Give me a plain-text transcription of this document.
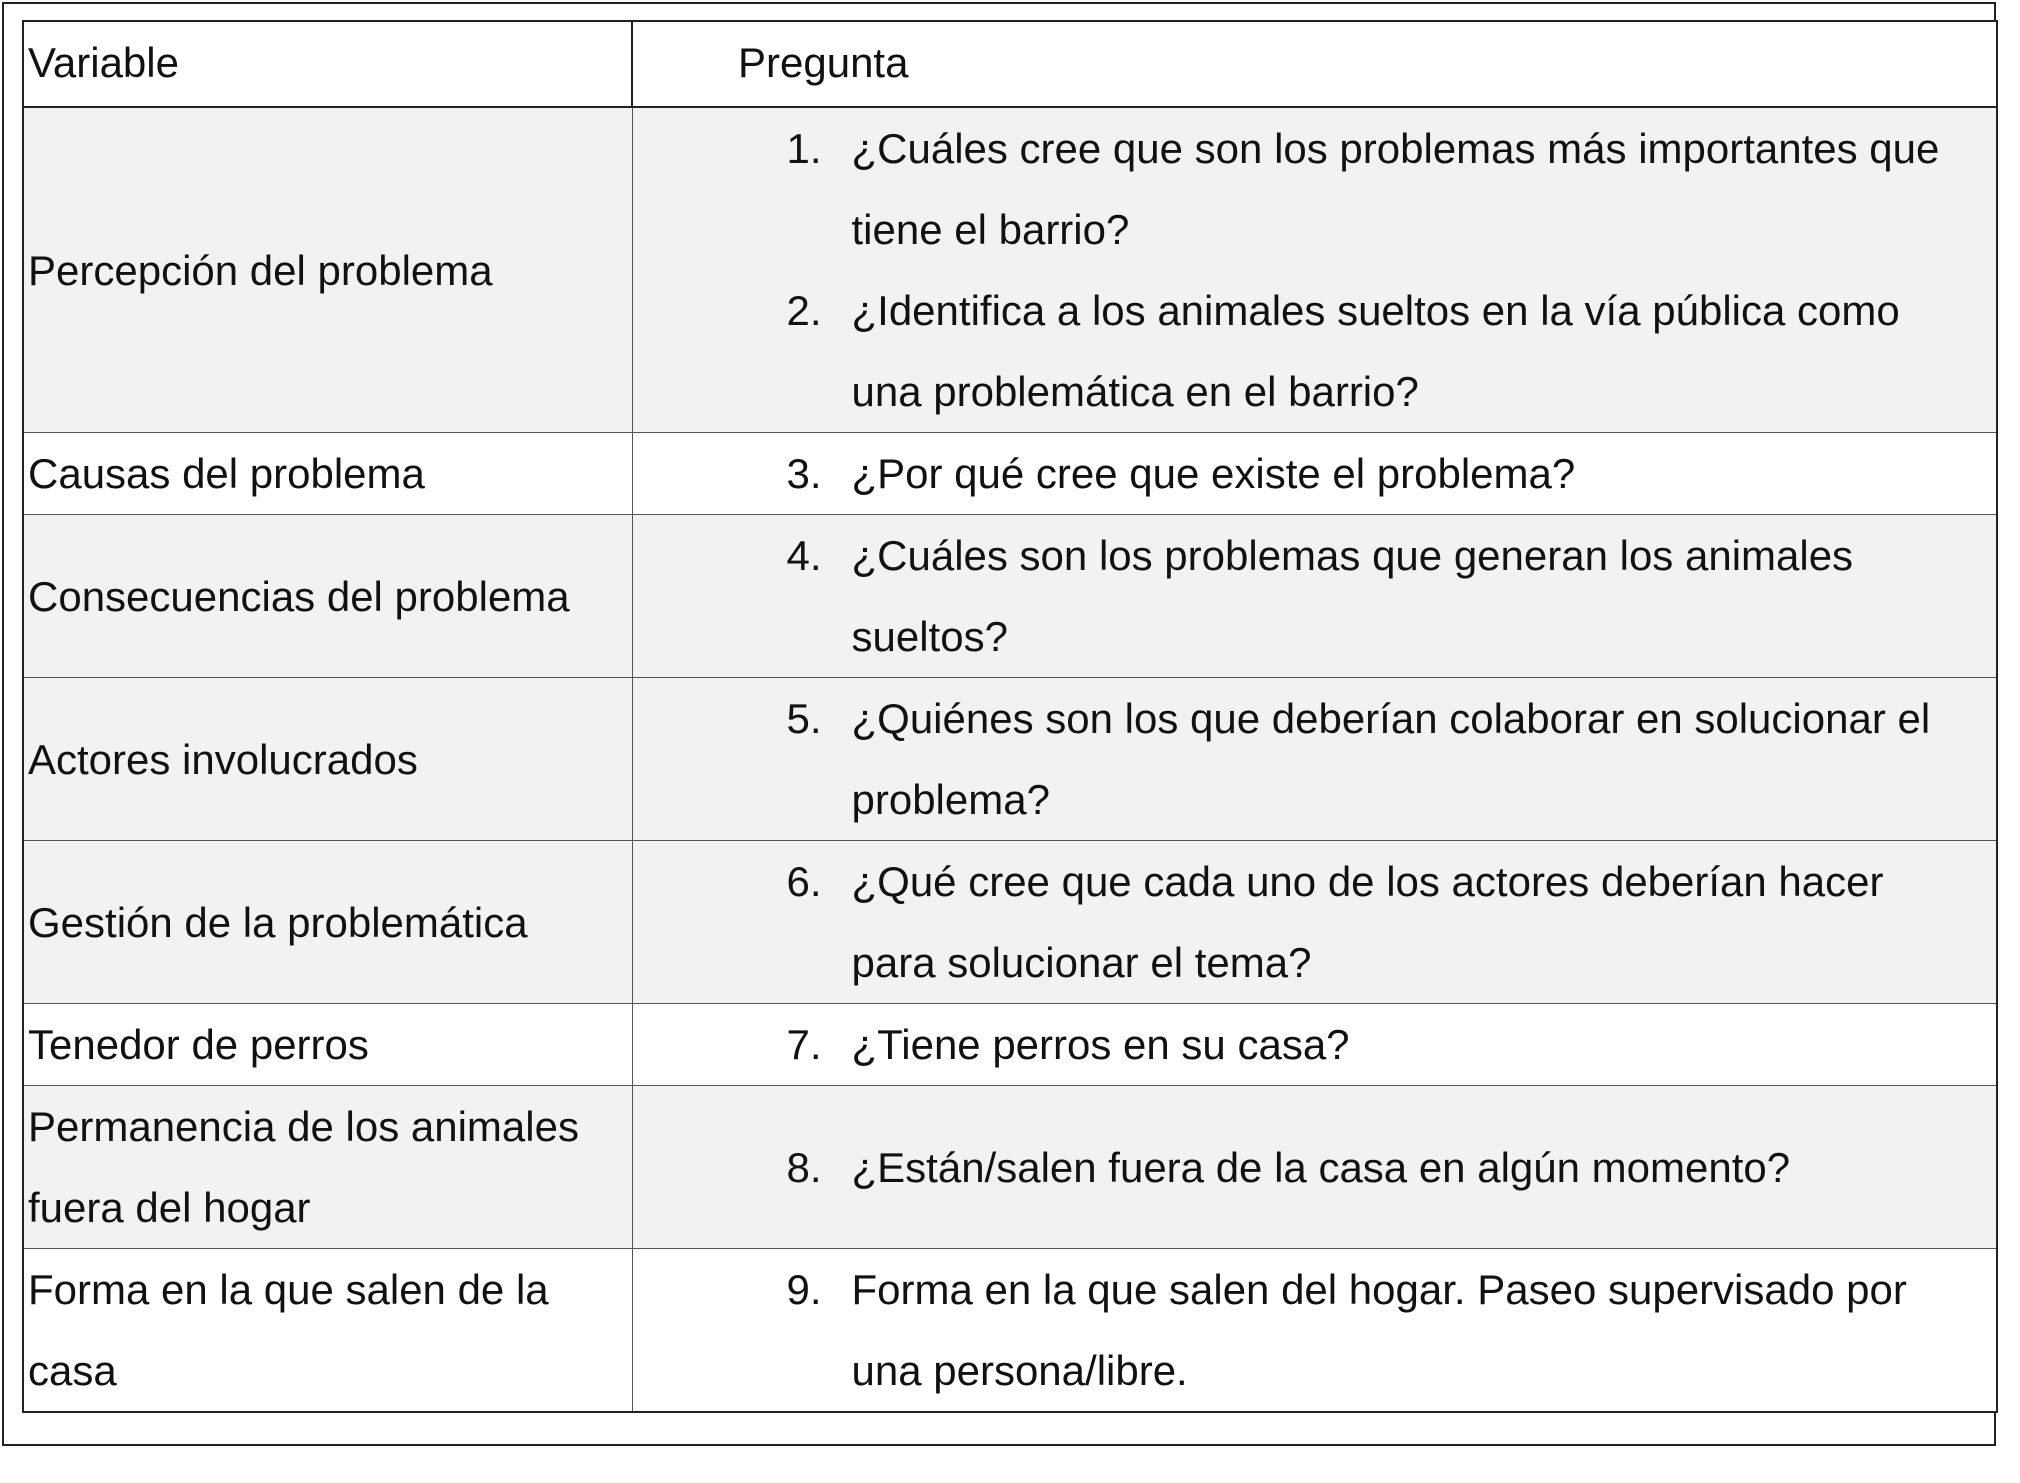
Variable	Pregunta

Percepción del problema	1. ¿Cuáles cree que son los problemas más importantes que tiene el barrio?
2. ¿Identifica a los animales sueltos en la vía pública como una problemática en el barrio?

Causas del problema	3. ¿Por qué cree que existe el problema?

Consecuencias del problema	4. ¿Cuáles son los problemas que generan los animales sueltos?

Actores involucrados	5. ¿Quiénes son los que deberían colaborar en solucionar el problema?

Gestión de la problemática	6. ¿Qué cree que cada uno de los actores deberían hacer para solucionar el tema?

Tenedor de perros	7. ¿Tiene perros en su casa?

Permanencia de los animales fuera del hogar	8. ¿Están/salen fuera de la casa en algún momento?

Forma en la que salen de la casa	9. Forma en la que salen del hogar. Paseo supervisado por una persona/libre.
